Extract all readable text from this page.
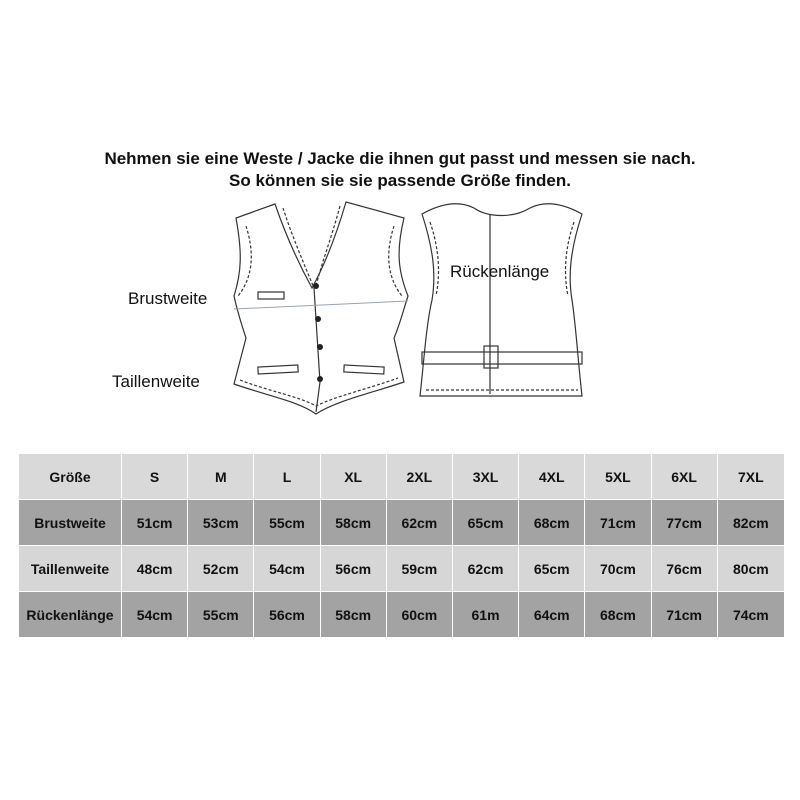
Nehmen sie eine Weste / Jacke die ihnen gut passt und messen sie nach.
So können sie sie passende Größe finden.
Brustweite
Taillenweite
Rückenlänge
Größe	S	M	L	XL	2XL	3XL	4XL	5XL	6XL	7XL
Brustweite	51cm	53cm	55cm	58cm	62cm	65cm	68cm	71cm	77cm	82cm
Taillenweite	48cm	52cm	54cm	56cm	59cm	62cm	65cm	70cm	76cm	80cm
Rückenlänge	54cm	55cm	56cm	58cm	60cm	61m	64cm	68cm	71cm	74cm
